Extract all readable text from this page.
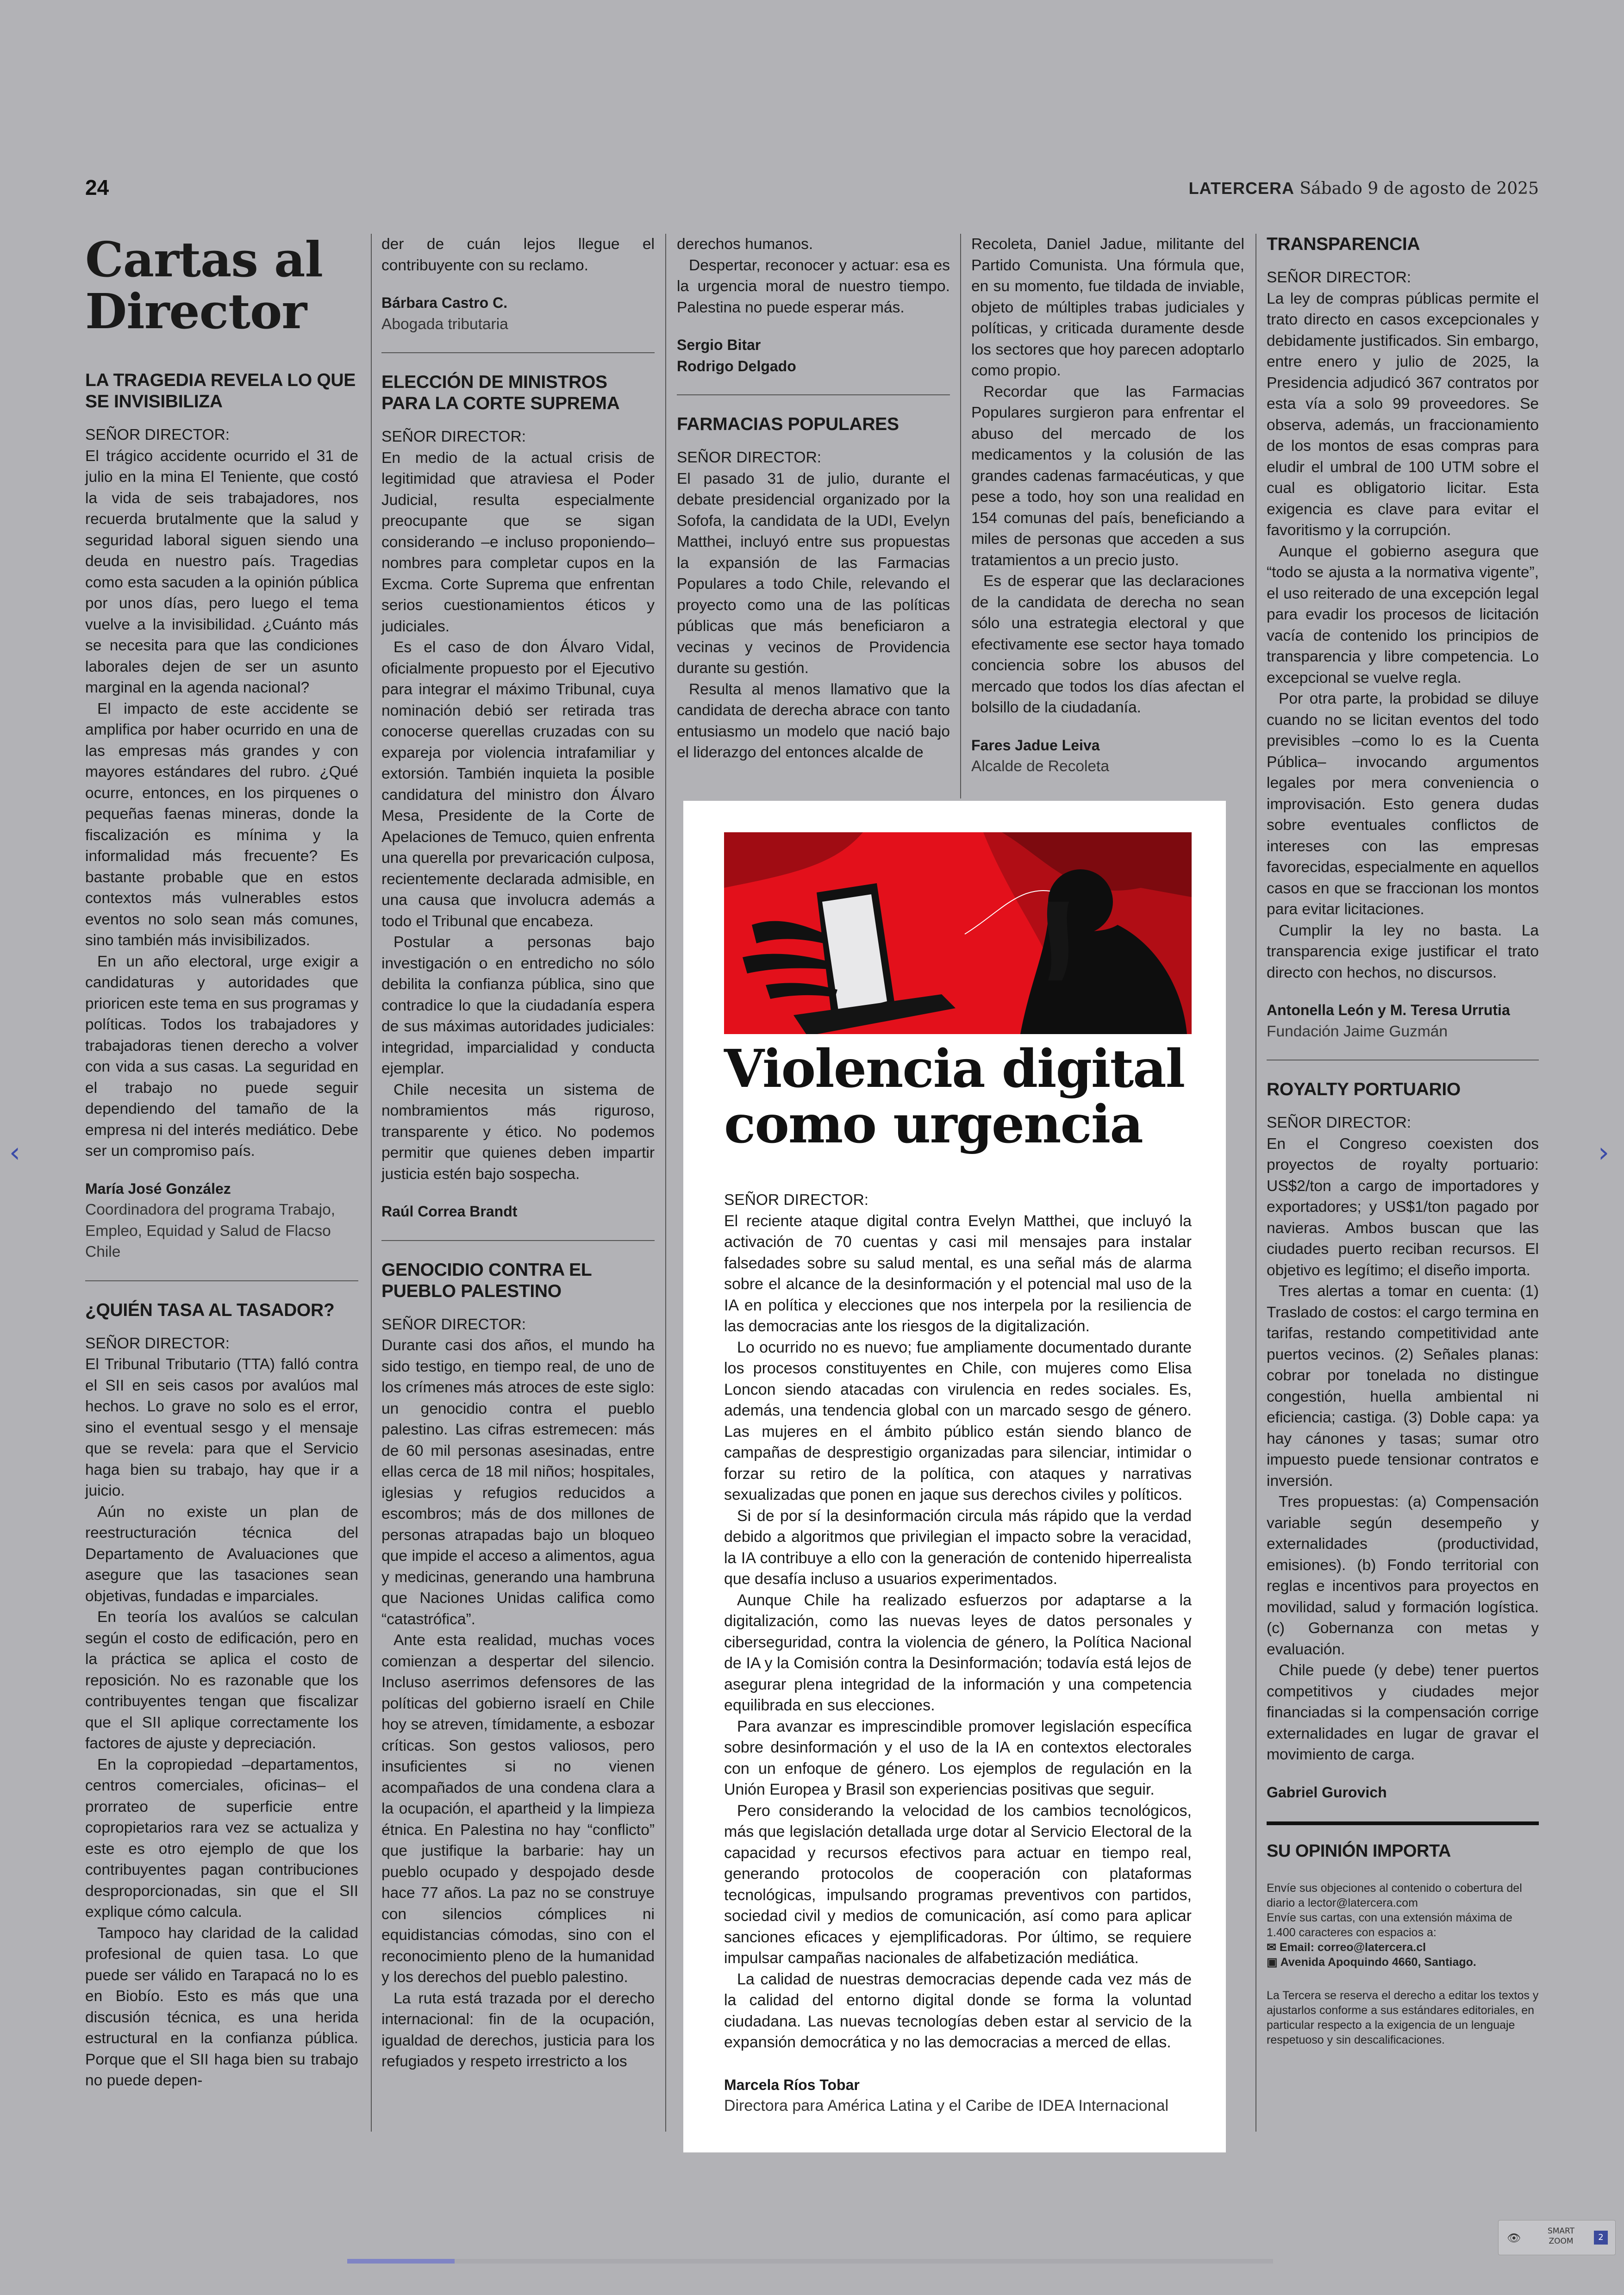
24	LATERCERA Sábado 9 de agosto de 2025
Cartas al
Director
LA TRAGEDIA REVELA LO QUE SE INVISIBILIZA
SEÑOR DIRECTOR:

El trágico accidente ocurrido el 31 de julio en la mina El Teniente, que costó la vida de seis trabajadores, nos recuerda brutalmente que la salud y seguridad laboral siguen siendo una deuda en nuestro país. Tragedias como esta sacuden a la opinión pública por unos días, pero luego el tema vuelve a la invisibilidad. ¿Cuánto más se necesita para que las condiciones laborales dejen de ser un asunto marginal en la agenda nacional?

El impacto de este accidente se amplifica por haber ocurrido en una de las empresas más grandes y con mayores estándares del rubro. ¿Qué ocurre, entonces, en los pirquenes o pequeñas faenas mineras, donde la fiscalización es mínima y la informalidad más frecuente? Es bastante probable que en estos contextos más vulnerables estos eventos no solo sean más comunes, sino también más invisibilizados.

En un año electoral, urge exigir a candidaturas y autoridades que prioricen este tema en sus programas y políticas. Todos los trabajadores y trabajadoras tienen derecho a volver con vida a sus casas. La seguridad en el trabajo no puede seguir dependiendo del tamaño de la empresa ni del interés mediático. Debe ser un compromiso país.

María José González
Coordinadora del programa Trabajo, Empleo, Equidad y Salud de Flacso Chile
¿QUIÉN TASA AL TASADOR?
SEÑOR DIRECTOR:

El Tribunal Tributario (TTA) falló contra el SII en seis casos por avalúos mal hechos. Lo grave no solo es el error, sino el eventual sesgo y el mensaje que se revela: para que el Servicio haga bien su trabajo, hay que ir a juicio.

Aún no existe un plan de reestructuración técnica del Departamento de Avaluaciones que asegure que las tasaciones sean objetivas, fundadas e imparciales.

En teoría los avalúos se calculan según el costo de edificación, pero en la práctica se aplica el costo de reposición. No es razonable que los contribuyentes tengan que fiscalizar que el SII aplique correctamente los factores de ajuste y depreciación.

En la copropiedad –departamentos, centros comerciales, oficinas– el prorrateo de superficie entre copropietarios rara vez se actualiza y este es otro ejemplo de que los contribuyentes pagan contribuciones desproporcionadas, sin que el SII explique cómo calcula.

Tampoco hay claridad de la calidad profesional de quien tasa. Lo que puede ser válido en Tarapacá no lo es en Biobío. Esto es más que una discusión técnica, es una herida estructural en la confianza pública. Porque que el SII haga bien su trabajo no puede depen-

der de cuán lejos llegue el contribuyente con su reclamo.

Bárbara Castro C.
Abogada tributaria
ELECCIÓN DE MINISTROS PARA LA CORTE SUPREMA
SEÑOR DIRECTOR:

En medio de la actual crisis de legitimidad que atraviesa el Poder Judicial, resulta especialmente preocupante que se sigan considerando –e incluso proponiendo– nombres para completar cupos en la Excma. Corte Suprema que enfrentan serios cuestionamientos éticos y judiciales.

Es el caso de don Álvaro Vidal, oficialmente propuesto por el Ejecutivo para integrar el máximo Tribunal, cuya nominación debió ser retirada tras conocerse querellas cruzadas con su expareja por violencia intrafamiliar y extorsión. También inquieta la posible candidatura del ministro don Álvaro Mesa, Presidente de la Corte de Apelaciones de Temuco, quien enfrenta una querella por prevaricación culposa, recientemente declarada admisible, en una causa que involucra además a todo el Tribunal que encabeza.

Postular a personas bajo investigación o en entredicho no sólo debilita la confianza pública, sino que contradice lo que la ciudadanía espera de sus máximas autoridades judiciales: integridad, imparcialidad y conducta ejemplar.

Chile necesita un sistema de nombramientos más riguroso, transparente y ético. No podemos permitir que quienes deben impartir justicia estén bajo sospecha.

Raúl Correa Brandt
GENOCIDIO CONTRA EL PUEBLO PALESTINO
SEÑOR DIRECTOR:

Durante casi dos años, el mundo ha sido testigo, en tiempo real, de uno de los crímenes más atroces de este siglo: un genocidio contra el pueblo palestino. Las cifras estremecen: más de 60 mil personas asesinadas, entre ellas cerca de 18 mil niños; hospitales, iglesias y refugios reducidos a escombros; más de dos millones de personas atrapadas bajo un bloqueo que impide el acceso a alimentos, agua y medicinas, generando una hambruna que Naciones Unidas califica como “catastrófica”.

Ante esta realidad, muchas voces comienzan a despertar del silencio. Incluso aserrimos defensores de las políticas del gobierno israelí en Chile hoy se atreven, tímidamente, a esbozar críticas. Son gestos valiosos, pero insuficientes si no vienen acompañados de una condena clara a la ocupación, el apartheid y la limpieza étnica. En Palestina no hay “conflicto” que justifique la barbarie: hay un pueblo ocupado y despojado desde hace 77 años. La paz no se construye con silencios cómplices ni equidistancias cómodas, sino con el reconocimiento pleno de la humanidad y los derechos del pueblo palestino.

La ruta está trazada por el derecho internacional: fin de la ocupación, igualdad de derechos, justicia para los refugiados y respeto irrestricto a los

derechos humanos.

Despertar, reconocer y actuar: esa es la urgencia moral de nuestro tiempo. Palestina no puede esperar más.

Sergio Bitar
Rodrigo Delgado
FARMACIAS POPULARES
SEÑOR DIRECTOR:

El pasado 31 de julio, durante el debate presidencial organizado por la Sofofa, la candidata de la UDI, Evelyn Matthei, incluyó entre sus propuestas la expansión de las Farmacias Populares a todo Chile, relevando el proyecto como una de las políticas públicas que más beneficiaron a vecinas y vecinos de Providencia durante su gestión.

Resulta al menos llamativo que la candidata de derecha abrace con tanto entusiasmo un modelo que nació bajo el liderazgo del entonces alcalde de

Recoleta, Daniel Jadue, militante del Partido Comunista. Una fórmula que, en su momento, fue tildada de inviable, objeto de múltiples trabas judiciales y políticas, y criticada duramente desde los sectores que hoy parecen adoptarlo como propio.

Recordar que las Farmacias Populares surgieron para enfrentar el abuso del mercado de los medicamentos y la colusión de las grandes cadenas farmacéuticas, y que pese a todo, hoy son una realidad en 154 comunas del país, beneficiando a miles de personas que acceden a sus tratamientos a un precio justo.

Es de esperar que las declaraciones de la candidata de derecha no sean sólo una estrategia electoral y que efectivamente ese sector haya tomado conciencia sobre los abusos del mercado que todos los días afectan el bolsillo de la ciudadanía.

Fares Jadue Leiva
Alcalde de Recoleta
Violencia digital
como urgencia
SEÑOR DIRECTOR:

El reciente ataque digital contra Evelyn Matthei, que incluyó la activación de 70 cuentas y casi mil mensajes para instalar falsedades sobre su salud mental, es una señal más de alarma sobre el alcance de la desinformación y el potencial mal uso de la IA en política y elecciones que nos interpela por la resiliencia de las democracias ante los riesgos de la digitalización.

Lo ocurrido no es nuevo; fue ampliamente documentado durante los procesos constituyentes en Chile, con mujeres como Elisa Loncon siendo atacadas con virulencia en redes sociales. Es, además, una tendencia global con un marcado sesgo de género. Las mujeres en el ámbito público están siendo blanco de campañas de desprestigio organizadas para silenciar, intimidar o forzar su retiro de la política, con ataques y narrativas sexualizadas que ponen en jaque sus derechos civiles y políticos.

Si de por sí la desinformación circula más rápido que la verdad debido a algoritmos que privilegian el impacto sobre la veracidad, la IA contribuye a ello con la generación de contenido hiperrealista que desafía incluso a usuarios experimentados.

Aunque Chile ha realizado esfuerzos por adaptarse a la digitalización, como las nuevas leyes de datos personales y ciberseguridad, contra la violencia de género, la Política Nacional de IA y la Comisión contra la Desinformación; todavía está lejos de asegurar plena integridad de la información y una competencia equilibrada en sus elecciones.

Para avanzar es imprescindible promover legislación específica sobre desinformación y el uso de la IA en contextos electorales con un enfoque de género. Los ejemplos de regulación en la Unión Europea y Brasil son experiencias positivas que seguir.

Pero considerando la velocidad de los cambios tecnológicos, más que legislación detallada urge dotar al Servicio Electoral de la capacidad y recursos efectivos para actuar en tiempo real, generando protocolos de cooperación con plataformas tecnológicas, impulsando programas preventivos con partidos, sociedad civil y medios de comunicación, así como para aplicar sanciones eficaces y ejemplificadoras. Por último, se requiere impulsar campañas nacionales de alfabetización mediática.

La calidad de nuestras democracias depende cada vez más de la calidad del entorno digital donde se forma la voluntad ciudadana. Las nuevas tecnologías deben estar al servicio de la expansión democrática y no las democracias a merced de ellas.

Marcela Ríos Tobar
Directora para América Latina y el Caribe de IDEA Internacional
TRANSPARENCIA
SEÑOR DIRECTOR:

La ley de compras públicas permite el trato directo en casos excepcionales y debidamente justificados. Sin embargo, entre enero y julio de 2025, la Presidencia adjudicó 367 contratos por esta vía a solo 99 proveedores. Se observa, además, un fraccionamiento de los montos de esas compras para eludir el umbral de 100 UTM sobre el cual es obligatorio licitar. Esta exigencia es clave para evitar el favoritismo y la corrupción.

Aunque el gobierno asegura que “todo se ajusta a la normativa vigente”, el uso reiterado de una excepción legal para evadir los procesos de licitación vacía de contenido los principios de transparencia y libre competencia. Lo excepcional se vuelve regla.

Por otra parte, la probidad se diluye cuando no se licitan eventos del todo previsibles –como lo es la Cuenta Pública– invocando argumentos legales por mera conveniencia o improvisación. Esto genera dudas sobre eventuales conflictos de intereses con las empresas favorecidas, especialmente en aquellos casos en que se fraccionan los montos para evitar licitaciones.

Cumplir la ley no basta. La transparencia exige justificar el trato directo con hechos, no discursos.

Antonella León y M. Teresa Urrutia
Fundación Jaime Guzmán
ROYALTY PORTUARIO
SEÑOR DIRECTOR:

En el Congreso coexisten dos proyectos de royalty portuario: US$2/ton a cargo de importadores y exportadores; y US$1/ton pagado por navieras. Ambos buscan que las ciudades puerto reciban recursos. El objetivo es legítimo; el diseño importa.

Tres alertas a tomar en cuenta: (1) Traslado de costos: el cargo termina en tarifas, restando competitividad ante puertos vecinos. (2) Señales planas: cobrar por tonelada no distingue congestión, huella ambiental ni eficiencia; castiga. (3) Doble capa: ya hay cánones y tasas; sumar otro impuesto puede tensionar contratos e inversión.

Tres propuestas: (a) Compensación variable según desempeño y externalidades (productividad, emisiones). (b) Fondo territorial con reglas e incentivos para proyectos en movilidad, salud y formación logística. (c) Gobernanza con metas y evaluación.

Chile puede (y debe) tener puertos competitivos y ciudades mejor financiadas si la compensación corrige externalidades en lugar de gravar el movimiento de carga.

Gabriel Gurovich
SU OPINIÓN IMPORTA

Envíe sus objeciones al contenido o cobertura del diario a lector@latercera.com

Envíe sus cartas, con una extensión máxima de 1.400 caracteres con espacios a:

✉ Email: correo@latercera.cl

▣ Avenida Apoquindo 4660, Santiago.

La Tercera se reserva el derecho a editar los textos y ajustarlos conforme a sus estándares editoriales, en particular respecto a la exigencia de un lenguaje respetuoso y sin descalificaciones.

‹	›
👁
SMART ZOOM	2
